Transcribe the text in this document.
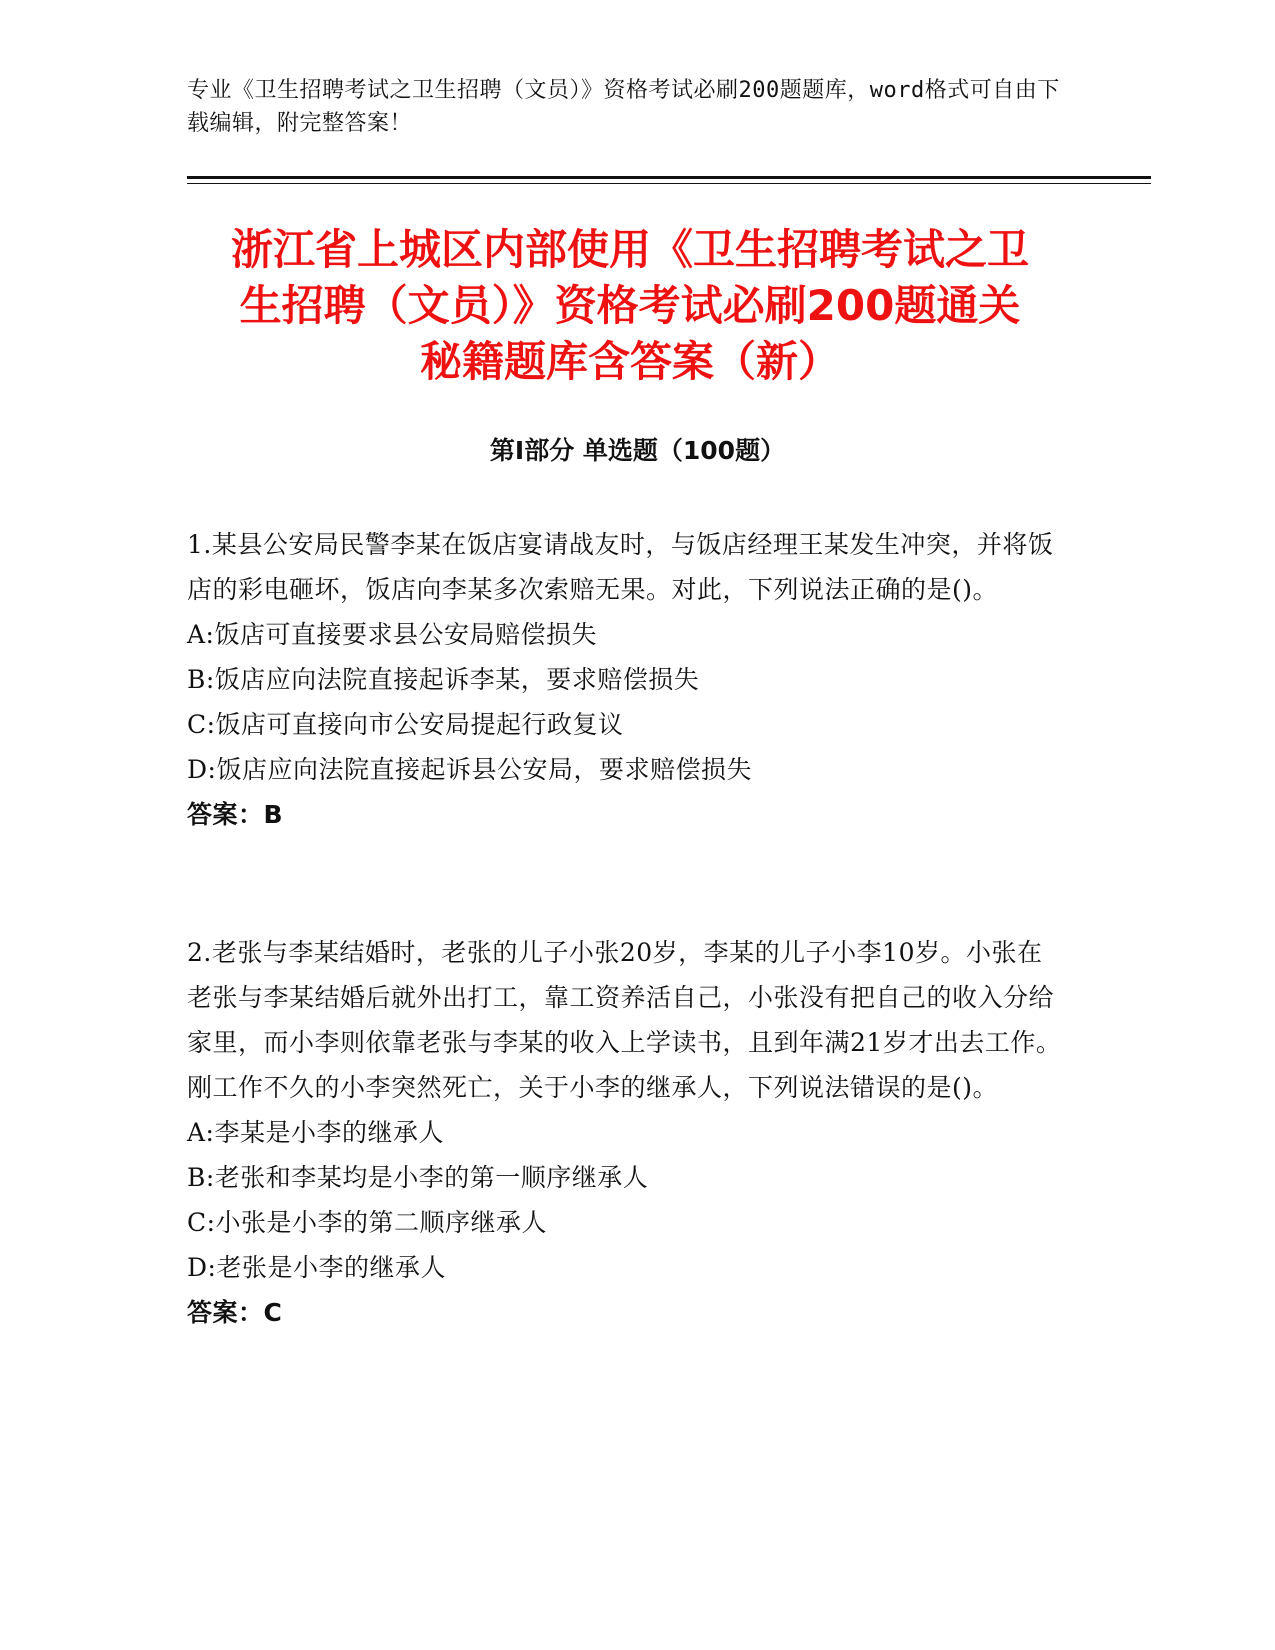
专业《卫生招聘考试之卫生招聘（文员）》资格考试必刷200题题库，word格式可自由下载编辑，附完整答案！
浙江省上城区内部使用《卫生招聘考试之卫
生招聘（文员）》资格考试必刷200题通关
秘籍题库含答案（新）
第Ⅰ部分 单选题（100题）

1.某县公安局民警李某在饭店宴请战友时，与饭店经理王某发生冲突，并将饭店的彩电砸坏，饭店向李某多次索赔无果。对此，下列说法正确的是()。

A:饭店可直接要求县公安局赔偿损失

B:饭店应向法院直接起诉李某，要求赔偿损失

C:饭店可直接向市公安局提起行政复议

D:饭店应向法院直接起诉县公安局，要求赔偿损失

答案：B

2.老张与李某结婚时，老张的儿子小张20岁，李某的儿子小李10岁。小张在老张与李某结婚后就外出打工，靠工资养活自己，小张没有把自己的收入分给家里，而小李则依靠老张与李某的收入上学读书，且到年满21岁才出去工作。刚工作不久的小李突然死亡，关于小李的继承人，下列说法错误的是()。

A:李某是小李的继承人

B:老张和李某均是小李的第一顺序继承人

C:小张是小李的第二顺序继承人

D:老张是小李的继承人

答案：C
